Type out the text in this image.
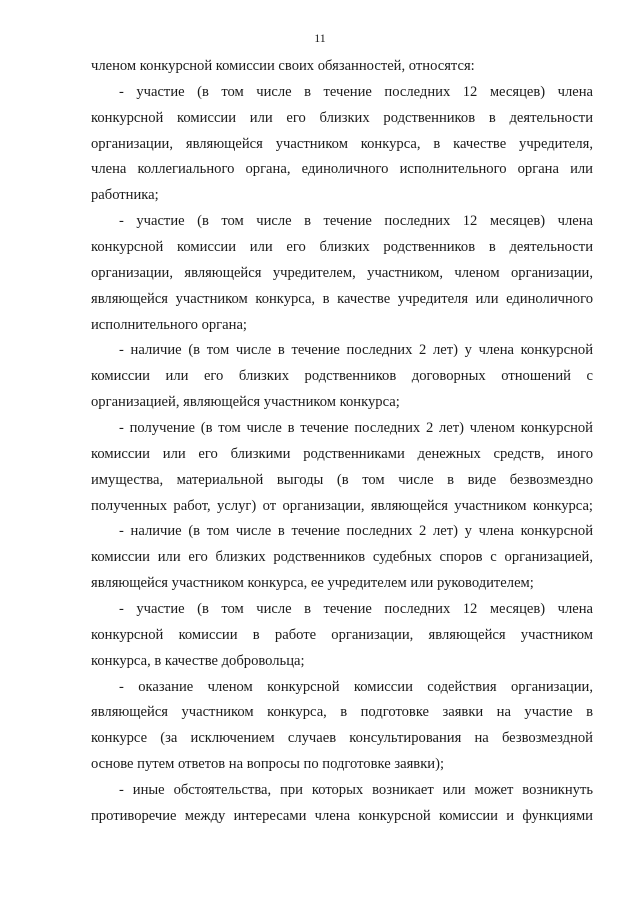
11
членом конкурсной комиссии своих обязанностей, относятся:
- участие (в том числе в течение последних 12 месяцев) члена
конкурсной комиссии или его близких родственников в деятельности
организации, являющейся участником конкурса, в качестве учредителя,
члена коллегиального органа, единоличного исполнительного органа или
работника;
- участие (в том числе в течение последних 12 месяцев) члена
конкурсной комиссии или его близких родственников в деятельности
организации, являющейся учредителем, участником, членом организации,
являющейся участником конкурса, в качестве учредителя или единоличного
исполнительного органа;
- наличие (в том числе в течение последних 2 лет) у члена конкурсной
комиссии или его близких родственников договорных отношений с
организацией, являющейся участником конкурса;
- получение (в том числе в течение последних 2 лет) членом конкурсной
комиссии или его близкими родственниками денежных средств, иного
имущества, материальной выгоды (в том числе в виде безвозмездно
полученных работ, услуг) от организации, являющейся участником конкурса;
- наличие (в том числе в течение последних 2 лет) у члена конкурсной
комиссии или его близких родственников судебных споров с организацией,
являющейся участником конкурса, ее учредителем или руководителем;
- участие (в том числе в течение последних 12 месяцев) члена
конкурсной комиссии в работе организации, являющейся участником
конкурса, в качестве добровольца;
- оказание членом конкурсной комиссии содействия организации,
являющейся участником конкурса, в подготовке заявки на участие в
конкурсе (за исключением случаев консультирования на безвозмездной
основе путем ответов на вопросы по подготовке заявки);
- иные обстоятельства, при которых возникает или может возникнуть
противоречие между интересами члена конкурсной комиссии и функциями
